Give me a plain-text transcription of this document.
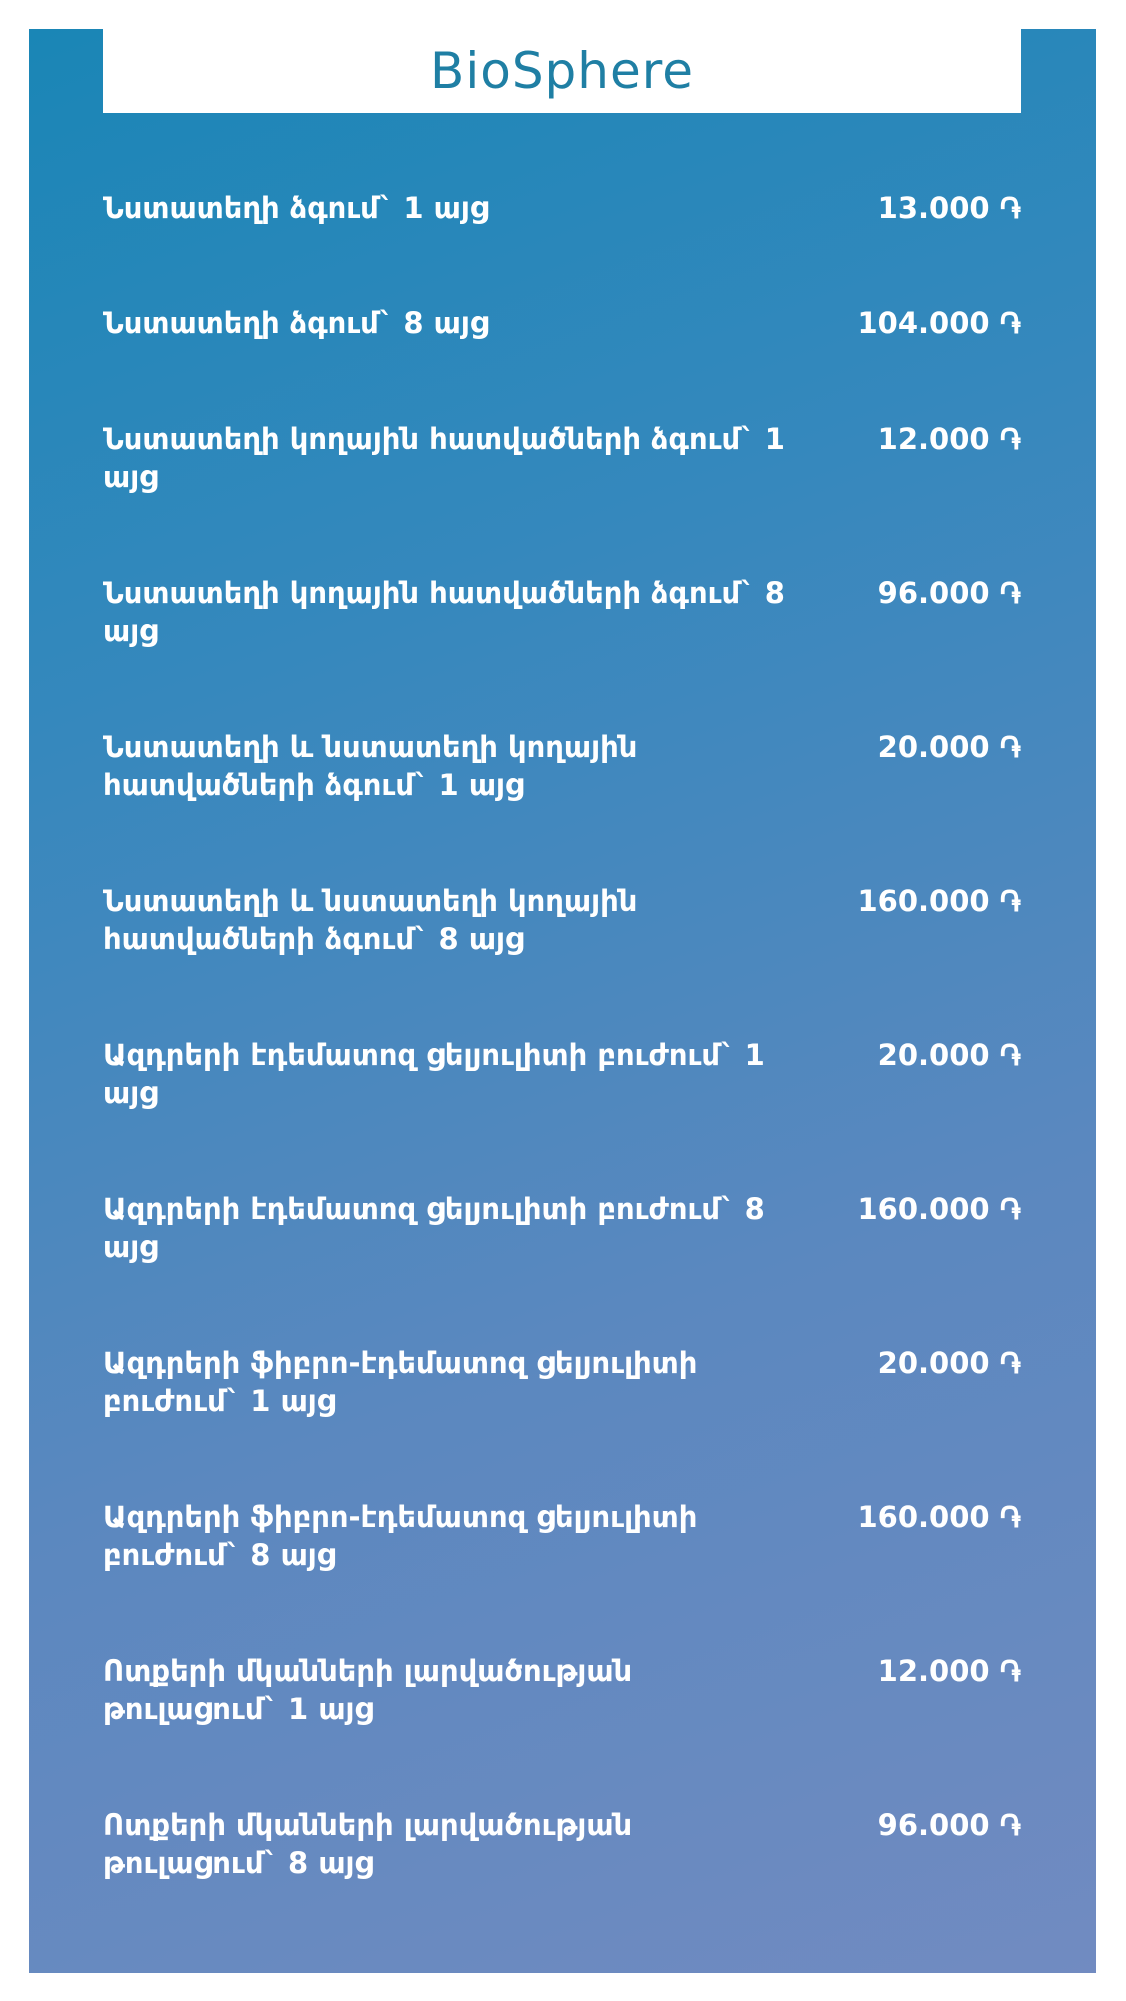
BioSphere
Նստատեղի ձգում` 1 այց	13.000 ֏
Նստատեղի ձգում` 8 այց	104.000 ֏
Նստատեղի կողային հատվածների ձգում` 1 այց
12.000 ֏
Նստատեղի կողային հատվածների ձգում` 8 այց
96.000 ֏
Նստատեղի և նստատեղի կողային հատվածների ձգում` 1 այց
20.000 ֏
Նստատեղի և նստատեղի կողային հատվածների ձգում` 8 այց
160.000 ֏
Ազդրերի էդեմատոզ ցելյուլիտի բուժում` 1 այց
20.000 ֏
Ազդրերի էդեմատոզ ցելյուլիտի բուժում` 8 այց
160.000 ֏
Ազդրերի ֆիբրո-էդեմատոզ ցելյուլիտի բուժում` 1 այց
20.000 ֏
Ազդրերի ֆիբրո-էդեմատոզ ցելյուլիտի բուժում` 8 այց
160.000 ֏
Ոտքերի մկանների լարվածության թուլացում` 1 այց
12.000 ֏
Ոտքերի մկանների լարվածության թուլացում` 8 այց
96.000 ֏
